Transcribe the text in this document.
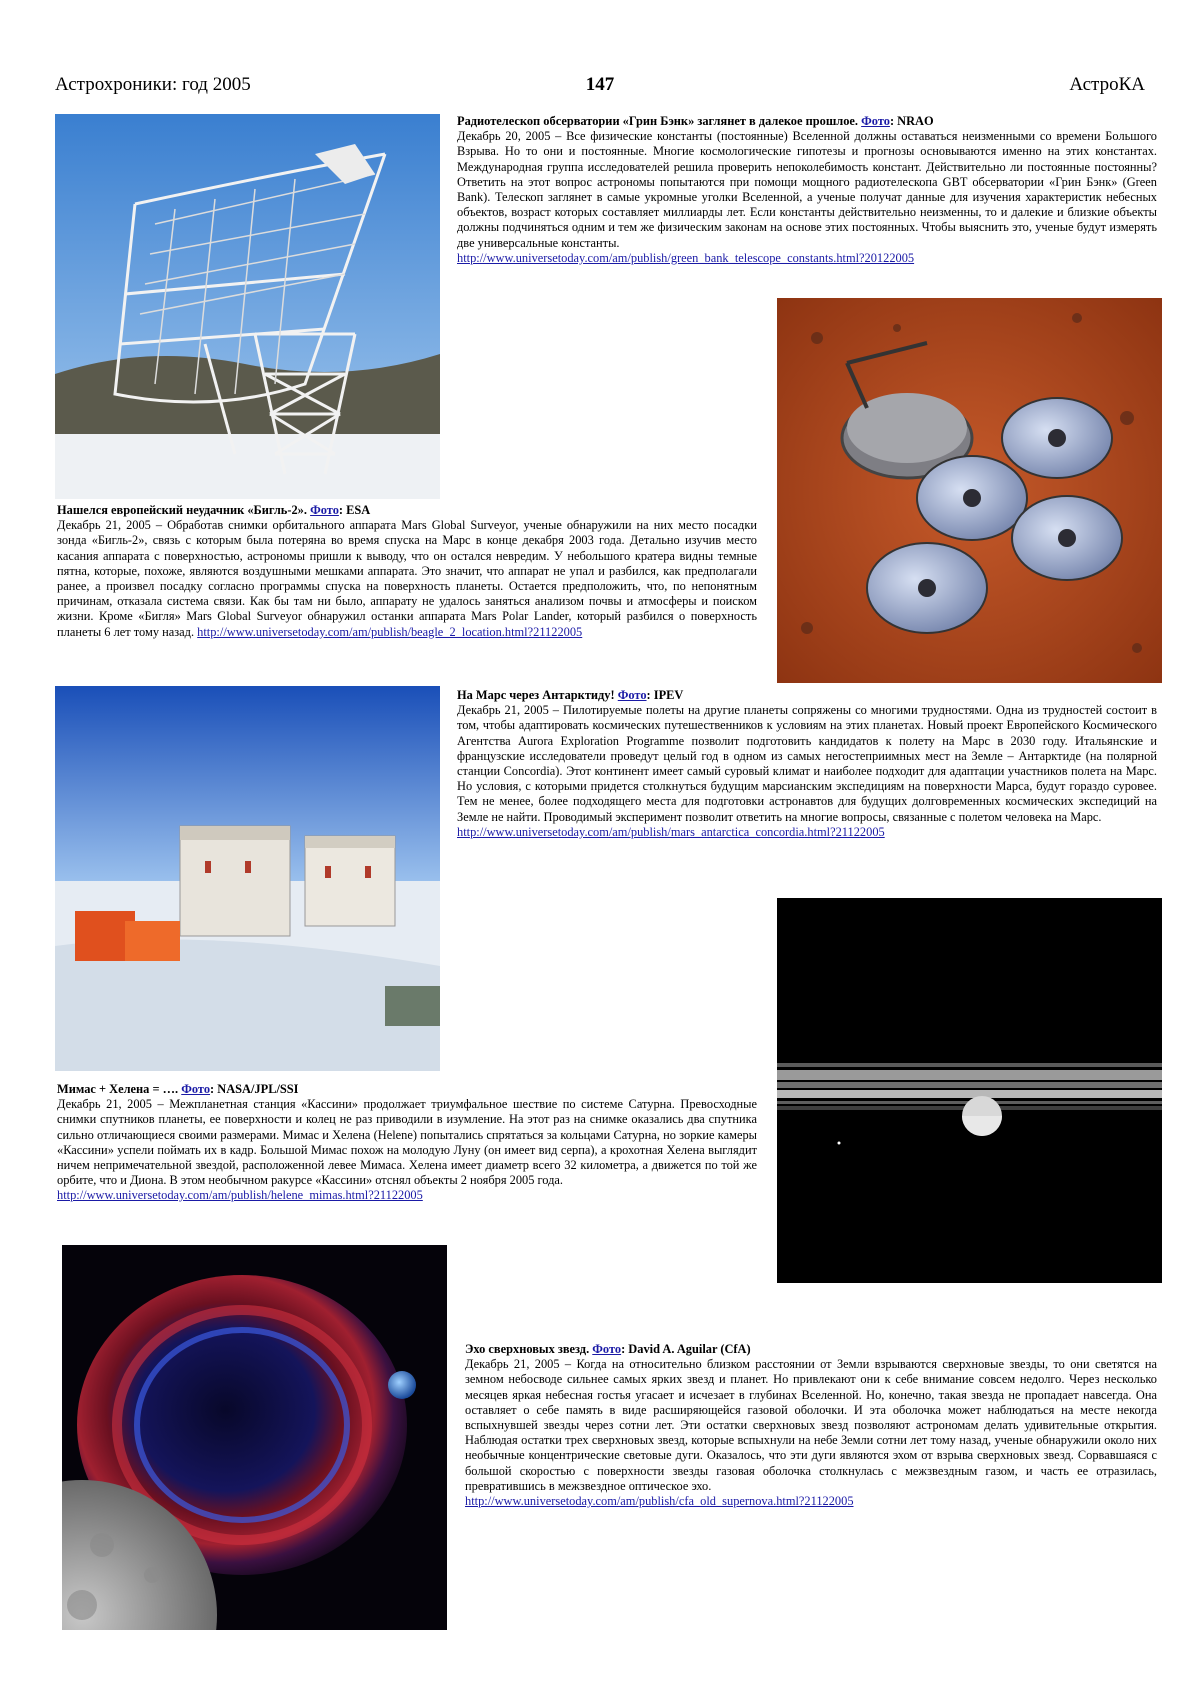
Астрохроники: год 2005	147	АстроКА
Радиотелескоп обсерватории «Грин Бэнк» заглянет в далекое прошлое. Фото: NRAO
Декабрь 20, 2005 – Все физические константы (постоянные) Вселенной должны оставаться неизменными со времени Большого Взрыва. Но то они и постоянные. Многие космологические гипотезы и прогнозы основываются именно на этих константах. Международная группа исследователей решила проверить непоколебимость констант. Действительно ли постоянные постоянны? Ответить на этот вопрос астрономы попытаются при помощи мощного радиотелескопа GBT обсерватории «Грин Бэнк» (Green Bank). Телескоп заглянет в самые укромные уголки Вселенной, а ученые получат данные для изучения характеристик небесных объектов, возраст которых составляет миллиарды лет. Если константы действительно неизменны, то и далекие и близкие объекты должны подчиняться одним и тем же физическим законам на основе этих постоянных. Чтобы выяснить это, ученые будут измерять две универсальные константы.
http://www.universetoday.com/am/publish/green_bank_telescope_constants.html?20122005
Нашелся европейский неудачник «Бигль-2». Фото: ESA
Декабрь 21, 2005 – Обработав снимки орбитального аппарата Mars Global Surveyor, ученые обнаружили на них место посадки зонда «Бигль-2», связь с которым была потеряна во время спуска на Марс в конце декабря 2003 года. Детально изучив место касания аппарата с поверхностью, астрономы пришли к выводу, что он остался невредим. У небольшого кратера видны темные пятна, которые, похоже, являются воздушными мешками аппарата. Это значит, что аппарат не упал и разбился, как предполагали ранее, а произвел посадку согласно программы спуска на поверхность планеты. Остается предположить, что, по непонятным причинам, отказала система связи. Как бы там ни было, аппарату не удалось заняться анализом почвы и атмосферы и поиском жизни. Кроме «Бигля» Mars Global Surveyor обнаружил останки аппарата Mars Polar Lander, который разбился о поверхность планеты 6 лет тому назад. http://www.universetoday.com/am/publish/beagle_2_location.html?21122005
На Марс через Антарктиду! Фото: IPEV
Декабрь 21, 2005 – Пилотируемые полеты на другие планеты сопряжены со многими трудностями. Одна из трудностей состоит в том, чтобы адаптировать космических путешественников к условиям на этих планетах. Новый проект Европейского Космического Агентства Aurora Exploration Programme позволит подготовить кандидатов к полету на Марс в 2030 году. Итальянские и французские исследователи проведут целый год в одном из самых негостеприимных мест на Земле – Антарктиде (на полярной станции Concordia). Этот континент имеет самый суровый климат и наиболее подходит для адаптации участников полета на Марс. Но условия, с которыми придется столкнуться будущим марсианским экспедициям на поверхности Марса, будут гораздо суровее. Тем не менее, более подходящего места для подготовки астронавтов для будущих долговременных космических экспедиций на Земле не найти. Проводимый эксперимент позволит ответить на многие вопросы, связанные с полетом человека на Марс.
http://www.universetoday.com/am/publish/mars_antarctica_concordia.html?21122005
Мимас + Хелена = …. Фото: NASA/JPL/SSI
Декабрь 21, 2005 – Межпланетная станция «Кассини» продолжает триумфальное шествие по системе Сатурна. Превосходные снимки спутников планеты, ее поверхности и колец не раз приводили в изумление. На этот раз на снимке оказались два спутника сильно отличающиеся своими размерами. Мимас и Хелена (Helene) попытались спрятаться за кольцами Сатурна, но зоркие камеры «Кассини» успели поймать их в кадр. Большой Мимас похож на молодую Луну (он имеет вид серпа), а крохотная Хелена выглядит ничем непримечательной звездой, расположенной левее Мимаса. Хелена имеет диаметр всего 32 километра, а движется по той же орбите, что и Диона. В этом необычном ракурсе «Кассини» отснял объекты 2 ноября 2005 года.
http://www.universetoday.com/am/publish/helene_mimas.html?21122005
Эхо сверхновых звезд. Фото: David A. Aguilar (CfA)
Декабрь 21, 2005 – Когда на относительно близком расстоянии от Земли взрываются сверхновые звезды, то они светятся на земном небосводе сильнее самых ярких звезд и планет. Но привлекают они к себе внимание совсем недолго. Через несколько месяцев яркая небесная гостья угасает и исчезает в глубинах Вселенной. Но, конечно, такая звезда не пропадает навсегда. Она оставляет о себе память в виде расширяющейся газовой оболочки. И эта оболочка может наблюдаться на месте некогда вспыхнувшей звезды через сотни лет. Эти остатки сверхновых звезд позволяют астрономам делать удивительные открытия. Наблюдая остатки трех сверхновых звезд, которые вспыхнули на небе Земли сотни лет тому назад, ученые обнаружили около них необычные концентрические световые дуги. Оказалось, что эти дуги являются эхом от взрыва сверхновых звезд. Сорвавшаяся с большой скоростью с поверхности звезды газовая оболочка столкнулась с межзвездным газом, и часть ее отразилась, превратившись в межзвездное оптическое эхо.
http://www.universetoday.com/am/publish/cfa_old_supernova.html?21122005
